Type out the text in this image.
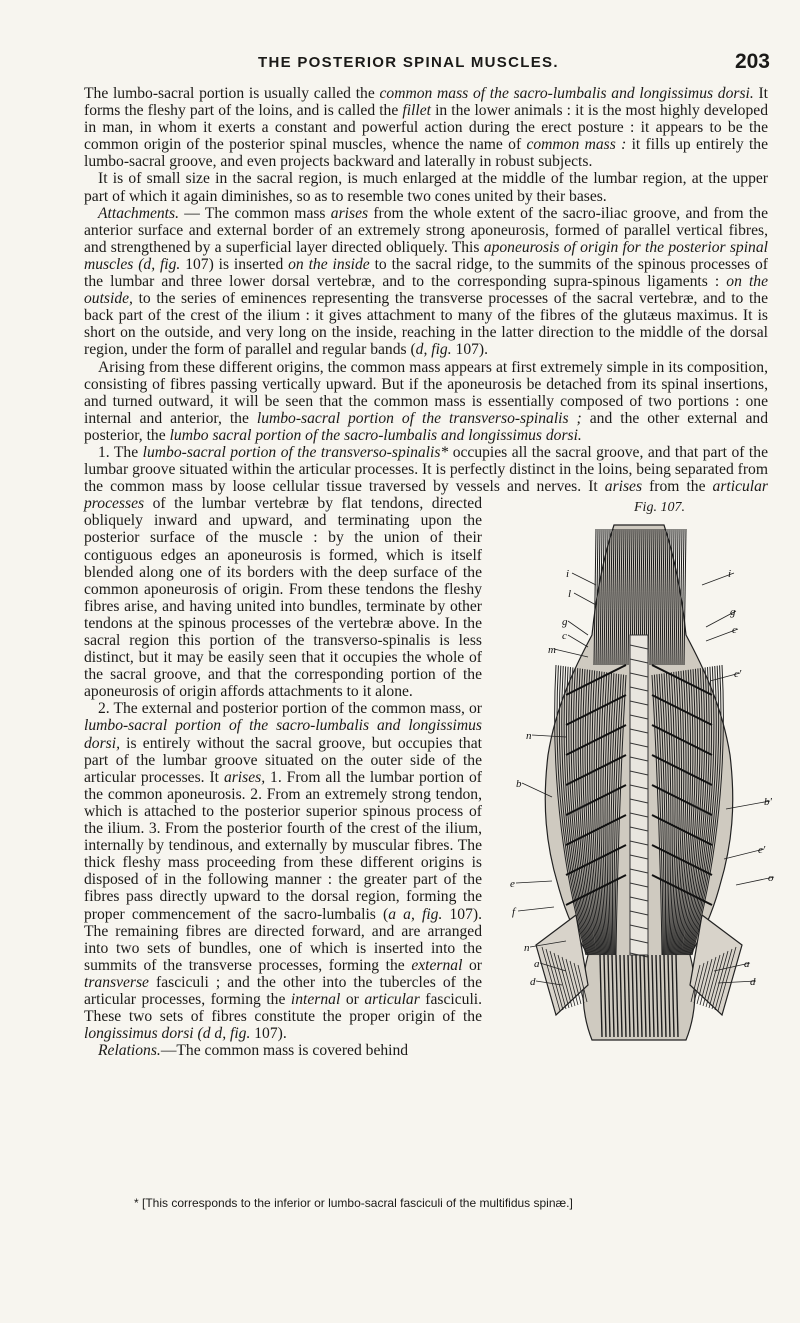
THE POSTERIOR SPINAL MUSCLES.	203

The lumbo-sacral portion is usually called the common mass of the sacro-lumbalis and longissimus dorsi. It forms the fleshy part of the loins, and is called the fillet in the lower animals : it is the most highly developed in man, in whom it exerts a constant and powerful action during the erect posture : it appears to be the common origin of the posterior spinal muscles, whence the name of common mass : it fills up entirely the lumbo-sacral groove, and even projects backward and laterally in robust subjects.

It is of small size in the sacral region, is much enlarged at the middle of the lumbar region, at the upper part of which it again diminishes, so as to resemble two cones united by their bases.

Attachments. — The common mass arises from the whole extent of the sacro-iliac groove, and from the anterior surface and external border of an extremely strong aponeurosis, formed of parallel vertical fibres, and strengthened by a superficial layer directed obliquely. This aponeurosis of origin for the posterior spinal muscles (d, fig. 107) is inserted on the inside to the sacral ridge, to the summits of the spinous processes of the lumbar and three lower dorsal vertebræ, and to the corresponding supra-spinous ligaments : on the outside, to the series of eminences representing the transverse processes of the sacral vertebræ, and to the back part of the crest of the ilium : it gives attachment to many of the fibres of the glutæus maximus. It is short on the outside, and very long on the inside, reaching in the latter direction to the middle of the dorsal region, under the form of parallel and regular bands (d, fig. 107).

Arising from these different origins, the common mass appears at first extremely simple in its composition, consisting of fibres passing vertically upward. But if the aponeurosis be detached from its spinal insertions, and turned outward, it will be seen that the common mass is essentially composed of two portions : one internal and anterior, the lumbo-sacral portion of the transverso-spinalis ; and the other external and posterior, the lumbo sacral portion of the sacro-lumbalis and longissimus dorsi.

1. The lumbo-sacral portion of the transverso-spinalis* occupies all the sacral groove, and that part of the lumbar groove situated within the articular processes. It is perfectly distinct in the loins, being separated from the common mass by loose cellular tissue traversed by vessels and nerves. It arises from the
Fig. 107.
i	i
l
g
g
c	c
m
c'
n
b
b'
e
e'
o
f
n
a	a
d	d
articular processes of the lumbar vertebræ by flat tendons, directed obliquely inward and upward, and terminating upon the posterior surface of the muscle : by the union of their contiguous edges an aponeurosis is formed, which is itself blended along one of its borders with the deep surface of the common aponeurosis of origin. From these tendons the fleshy fibres arise, and having united into bundles, terminate by other tendons at the spinous processes of the vertebræ above. In the sacral region this portion of the transverso-spinalis is less distinct, but it may be easily seen that it occupies the whole of the sacral groove, and that the corresponding portion of the aponeurosis of origin affords attachments to it alone.

2. The external and posterior portion of the common mass, or lumbo-sacral portion of the sacro-lumbalis and longissimus dorsi, is entirely without the sacral groove, but occupies that part of the lumbar groove situated on the outer side of the articular processes. It arises, 1. From all the lumbar portion of the common aponeurosis. 2. From an extremely strong tendon, which is attached to the posterior superior spinous process of the ilium. 3. From the posterior fourth of the crest of the ilium, internally by tendinous, and externally by muscular fibres. The thick fleshy mass proceeding from these different origins is disposed of in the following manner : the greater part of the fibres pass directly upward to the dorsal region, forming the proper commencement of the sacro-lumbalis (a a, fig. 107). The remaining fibres are directed forward, and are arranged into two sets of bundles, one of which is inserted into the summits of the transverse processes, forming the external or transverse fasciculi ; and the other into the tubercles of the articular processes, forming the internal or articular fasciculi. These two sets of fibres constitute the proper origin of the longissimus dorsi (d d, fig. 107).

Relations.—The common mass is covered behind

* [This corresponds to the inferior or lumbo-sacral fasciculi of the multifidus spinæ.]
